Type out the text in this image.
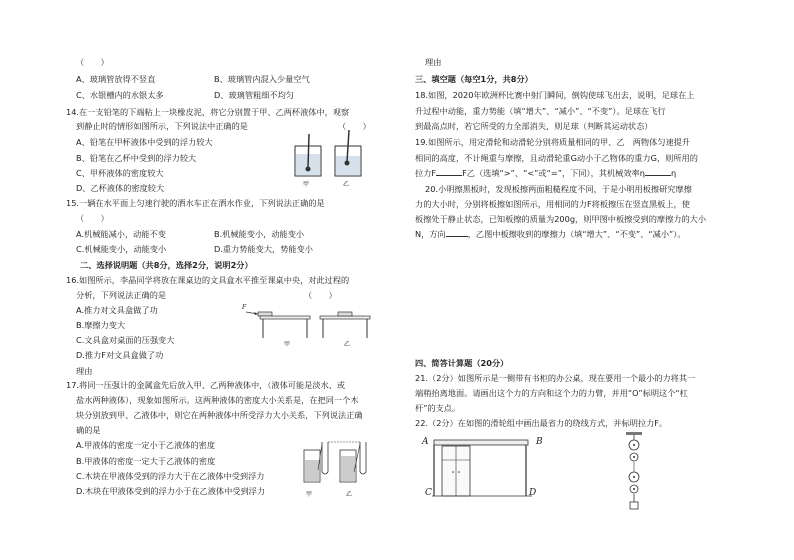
（　　）
A、玻璃管放得不竖直	B、玻璃管内混入少量空气
C、水银槽内的水银太多	D、玻璃管粗细不均匀
14.在一支铅笔的下端粘上一块橡皮泥，将它分别置于甲、乙两杯液体中，观察
到静止时的情形如图所示，下列说法中正确的是	（　　）
A、铅笔在甲杯液体中受到的浮力较大
B、铅笔在乙杯中受到的浮力较大
C、甲杯液体的密度较大
D、乙杯液体的密度较大	甲	乙
15.一辆在水平面上匀速行驶的洒水车正在洒水作业，下列说法正确的是
（　　）
A.机械能减小，动能不变	B.机械能变小，动能变小
C.机械能变小，动能变小	D.重力势能变大，势能变小
二、选择说明题（共8分，选择2分，说明2分）
16.如图所示，李晶同学将放在课桌边的文具盒水平推至课桌中央，对此过程的
分析，下列说法正确的是	（　　）
A.推力对文具盒做了功
B.摩擦力变大
C.文具盒对桌面的压强变大
D.推力F对文具盒做了功
理由
F
甲	乙
17.将同一压强计的金属盒先后放入甲、乙两种液体中，（液体可能是淡水、或
盐水两种液体），现象如图所示。这两种液体的密度大小关系是，在把同一个木
块分别放到甲、乙液体中，则它在两种液体中所受浮力大小关系，下列说法正确
确的是
A.甲液体的密度一定小于乙液体的密度
B.甲液体的密度一定大于乙液体的密度
C.木块在甲液体受到的浮力大于在乙液体中受到浮力
D.木块在甲液体受到的浮力小于在乙液体中受到浮力	甲	乙
理由
三、填空题（每空1分，共8分）
18.如图，2020年欧洲杯比赛中射门瞬间，倒钩使球飞出去，说明，足球在上
升过程中动能，重力势能（填“增大”、“减小”、“不变”）。足球在飞行
到最高点时，若它所受的力全部消失，则足球（判断其运动状态）
19.如图所示，用定滑轮和动滑轮分别将质量相同的甲、乙　两物体匀速提升
相同的高度，不计绳重与摩擦，且动滑轮重G动小于乙物体的重力G，则所用的
拉力F	F乙（选填“>”、“<”或“=”，下同），其机械效率η	η
20.小明擦黑板时，发现板擦两面粗糙程度不同，于是小明用板擦研究摩擦
力的大小时，分别将板擦如图所示，用相同的力F将板擦压在竖直黑板上，使
板擦处于静止状态，已知板擦的质量为200g，则甲图中板擦受到的摩擦力的大小
N，方向	，乙图中板擦收到的摩擦力（填“增大”、“不变”、“减小”）。
四、简答计算题（20分）
21.（2分）如图所示是一侧带有书柜的办公桌，现在要用一个最小的力将其一
端稍抬离地面。请画出这个力的方向和这个力的力臂，并用“O”标明这个“杠
杆”的支点。
22.（2分）在如图的滑轮组中画出最省力的绕线方式，并标明拉力F。
A	B
C	D
